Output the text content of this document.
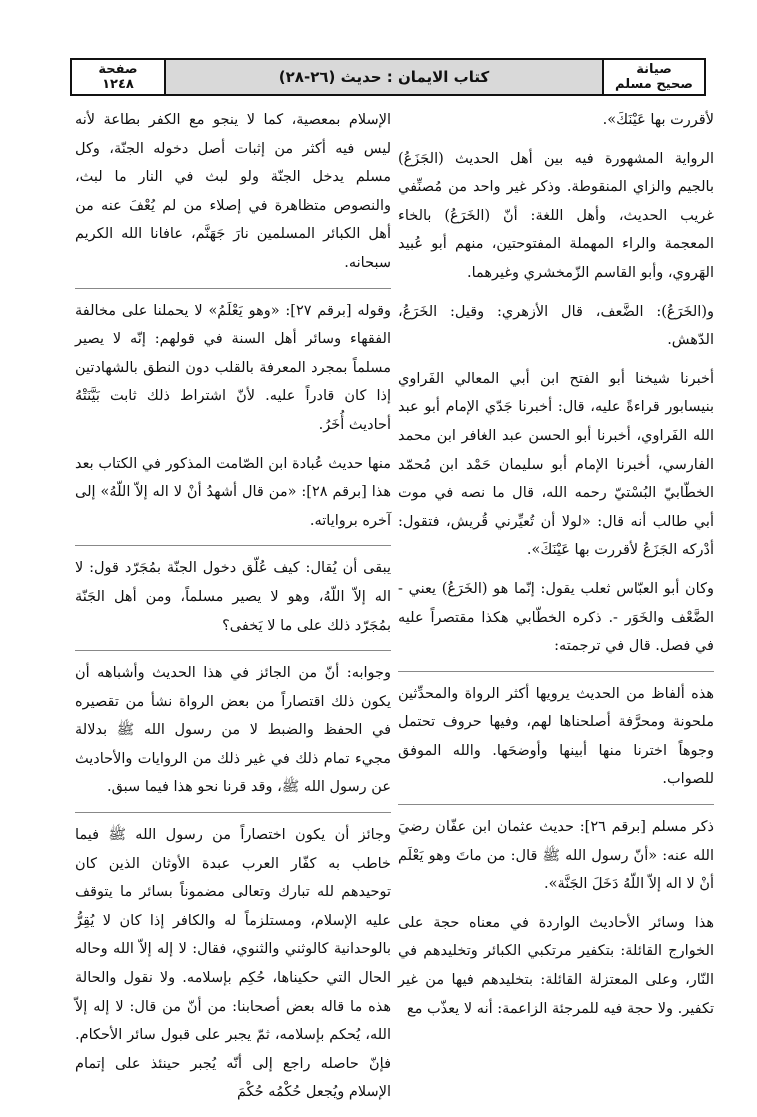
صيانة
صحيح مسلم
كتاب الايمان : حديث (٢٦-٢٨)
صفحة
١٢٤٨

لأقررت بها عَيْنَكَ».

الرواية المشهورة فيه بين أهل الحديث (الجَزَعُ) بالجيم والزاي المنقوطة. وذكر غير واحد من مُصنِّفي غريب الحديث، وأهل اللغة: أنّ (الخَرَعُ) بالخاء المعجمة والراء المهملة المفتوحتين، منهم أبو عُبيد الهَروي، وأبو القاسم الزّمخشري وغيرهما.

و(الخَرَعُ): الضَّعف، قال الأزهري: وقيل: الخَرَعُ، الدّهش.

أخبرنا شيخنا أبو الفتح ابن أبي المعالي الفَراوي بنيسابور قراءةً عليه، قال: أخبرنا جَدّي الإمام أبو عبد الله الفَراوي، أخبرنا أبو الحسن عبد الغافر ابن محمد الفارسي، أخبرنا الإمام أبو سليمان حَمْد ابن مُحمّد الخطّابيّ البُسْتيّ رحمه الله، قال ما نصه في موت أبي طالب أنه قال: «لولا أن تُعيِّرني قُريش، فتقول: أدْركه الجَزَعُ لأقررت بها عَيْنَكَ».

وكان أبو العبّاس ثعلب يقول: إنّما هو (الخَرَعُ) يعني - الضَّعْف والخَوَر -. ذكره الخطّابي هكذا مقتصراً عليه في فصل. قال في ترجمته:

هذه ألفاظ من الحديث يرويها أكثر الرواة والمحدِّثين ملحونة ومحرَّفة أصلحناها لهم، وفيها حروف تحتمل وجوهاً اخترنا منها أبينها وأوضحَها. والله الموفق للصواب.

ذكر مسلم [برقم ٢٦]: حديث عثمان ابن عفّان رضيَ الله عنه: «أنّ رسول الله ﷺ قال: من ماتَ وهو يَعْلَم أنْ لا اله إلاّ اللّهُ دَخَلَ الجَنَّة».

هذا وسائر الأحاديث الواردة في معناه حجة على الخوارج القائلة: بتكفير مرتكبي الكبائر وتخليدهم في النّار، وعلى المعتزلة القائلة: بتخليدهم فيها من غير تكفير. ولا حجة فيه للمرجئة الزاعمة: أنه لا يعذّب مع

الإسلام بمعصية، كما لا ينجو مع الكفر بطاعة لأنه ليس فيه أكثر من إثبات أصل دخوله الجنّة، وكل مسلم يدخل الجنّة ولو لبث في النار ما لبث، والنصوص متظاهرة في إصلاء من لم يُعْفَ عنه من أهل الكبائر المسلمين نارَ جَهَنَّم، عافانا الله الكريم سبحانه.

وقوله [برقم ٢٧]: «وهو يَعْلَمُ» لا يحملنا على مخالفة الفقهاء وسائر أهل السنة في قولهم: إنّه لا يصير مسلماً بمجرد المعرفة بالقلب دون النطق بالشهادتين إذا كان قادراً عليه. لأنّ اشتراط ذلك ثابت بَيَّنَتْهُ أحاديث أُخَرُ.

منها حديث عُبادة ابن الصّامت المذكور في الكتاب بعد هذا [برقم ٢٨]: «من قال أشهدُ أنْ لا اله إلاّ اللّهُ» إلى آخره برواياته.

يبقى أن يُقال: كيف عُلّق دخول الجنّة بمُجَرّد قول: لا اله إلاّ اللّهُ، وهو لا يصير مسلماً، ومن أهل الجَنّة بمُجَرّد ذلك على ما لا يَخفى؟

وجوابه: أنّ من الجائز في هذا الحديث وأشباهه أن يكون ذلك اقتصاراً من بعض الرواة نشأ من تقصيره في الحفظ والضبط لا من رسول الله ﷺ بدلالة مجيء تمام ذلك في غير ذلك من الروايات والأحاديث عن رسول الله ﷺ، وقد قرنا نحو هذا فيما سبق.

وجائز أن يكون اختصاراً من رسول الله ﷺ فيما خاطب به كفّار العرب عبدة الأوثان الذين كان توحيدهم لله تبارك وتعالى مضموناً بسائر ما يتوقف عليه الإسلام، ومستلزماً له والكافر إذا كان لا يُقِرُّ بالوحدانية كالوثني والثنوي، فقال: لا إله إلاّ الله وحاله الحال التي حكيناها، حُكِم بإسلامه. ولا نقول والحالة هذه ما قاله بعض أصحابنا: من أنّ من قال: لا إله إلاّ الله، يُحكم بإسلامه، ثمّ يجبر على قبول سائر الأحكام. فإنّ حاصله راجع إلى أنّه يُجبر حينئذ على إتمام الإسلام ويُجعل حُكْمُه حُكْمَ
